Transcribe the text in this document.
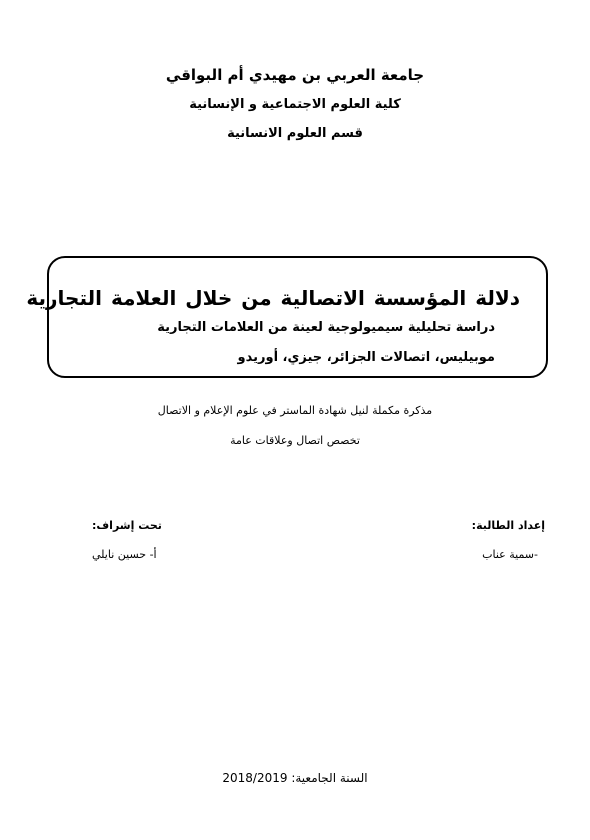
جامعة العربي بن مهيدي أم البواقي
كلية العلوم الاجتماعية و الإنسانية
قسم العلوم الانسانية
دلالة المؤسسة الاتصالية من خلال العلامة التجارية
دراسة تحليلية سيميولوجية لعينة من العلامات التجارية
موبيليس، اتصالات الجزائر، جيزي، أوريدو
مذكرة مكملة لنيل شهادة الماستر في علوم الإعلام و الاتصال
تخصص اتصال وعلاقات عامة
إعداد الطالبة:
-سمية عناب
تحت إشراف:
أ- حسين نايلي
السنة الجامعية: 2018/2019
